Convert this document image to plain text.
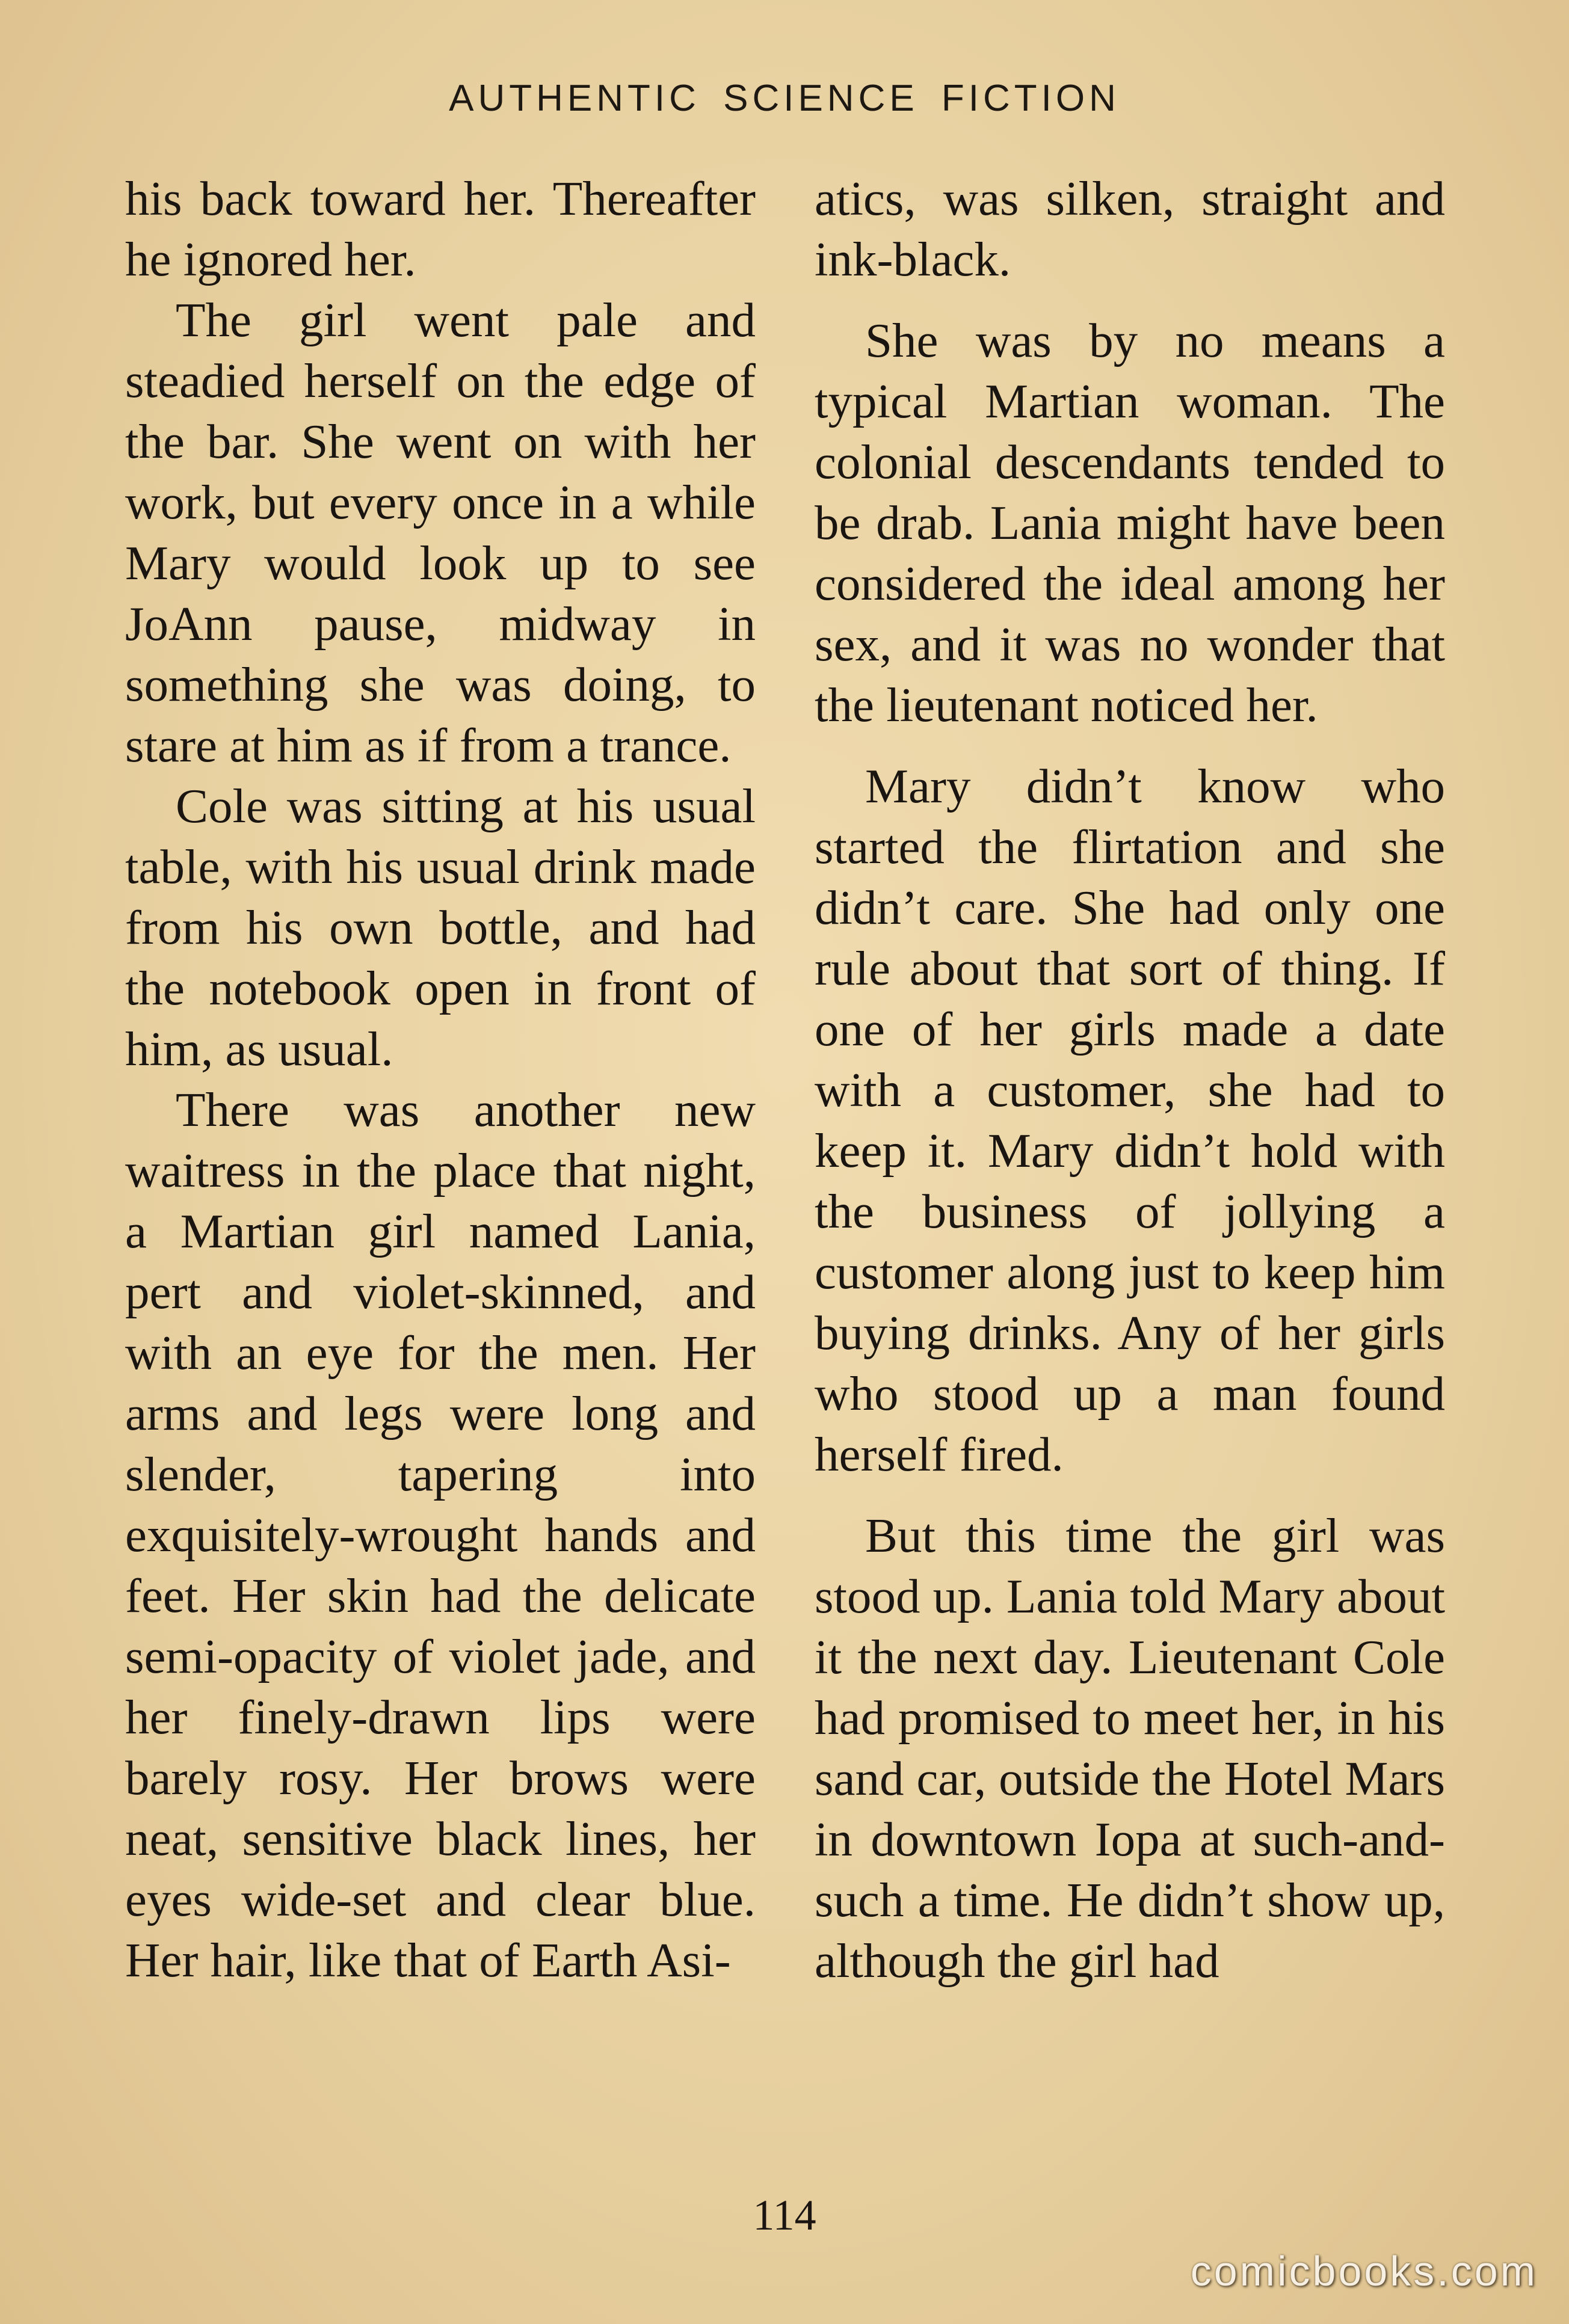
AUTHENTIC SCIENCE FICTION

his back toward her. Thereafter he ignored her.

The girl went pale and steadied herself on the edge of the bar. She went on with her work, but every once in a while Mary would look up to see JoAnn pause, midway in something she was doing, to stare at him as if from a trance.

Cole was sitting at his usual table, with his usual drink made from his own bottle, and had the notebook open in front of him, as usual.

There was another new waitress in the place that night, a Martian girl named Lania, pert and violet-skinned, and with an eye for the men. Her arms and legs were long and slender, tapering into exquisitely-wrought hands and feet. Her skin had the delicate semi-opacity of violet jade, and her finely-drawn lips were barely rosy. Her brows were neat, sensitive black lines, her eyes wide-set and clear blue. Her hair, like that of Earth Asi-

atics, was silken, straight and ink-black.

She was by no means a typical Martian woman. The colonial descendants tended to be drab. Lania might have been considered the ideal among her sex, and it was no wonder that the lieutenant noticed her.

Mary didn’t know who started the flirtation and she didn’t care. She had only one rule about that sort of thing. If one of her girls made a date with a customer, she had to keep it. Mary didn’t hold with the business of jollying a customer along just to keep him buying drinks. Any of her girls who stood up a man found herself fired.

But this time the girl was stood up. Lania told Mary about it the next day. Lieutenant Cole had promised to meet her, in his sand car, outside the Hotel Mars in downtown Iopa at such-and-such a time. He didn’t show up, although the girl had

114
comicbooks.com
